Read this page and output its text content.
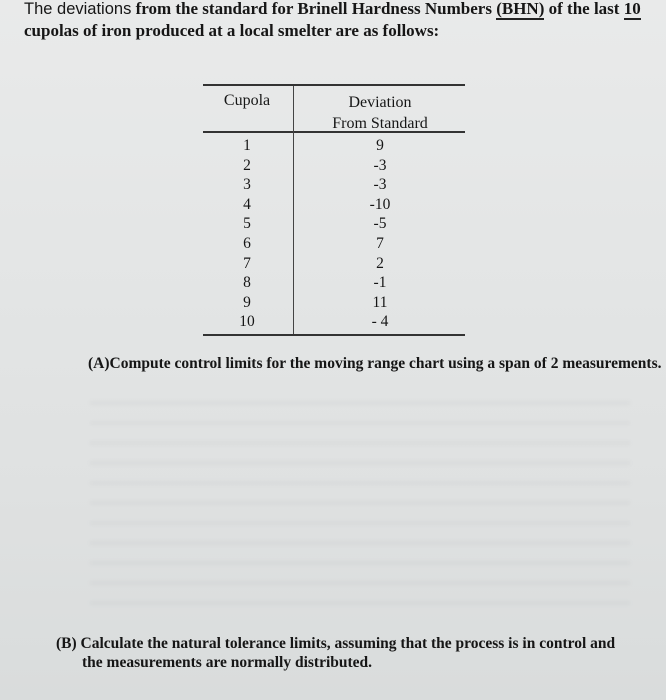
The deviations from the standard for Brinell Hardness Numbers (BHN) of the last 10
cupolas of iron produced at a local smelter are as follows:
Cupola	Deviation
From Standard
1
2
3
4
5
6
7
8
9
10
9
-3
-3
-10
-5
7
2
-1
11
- 4
(A)Compute control limits for the moving range chart using a span of 2 measurements.
(B) Calculate the natural tolerance limits, assuming that the process is in control and
the measurements are normally distributed.
